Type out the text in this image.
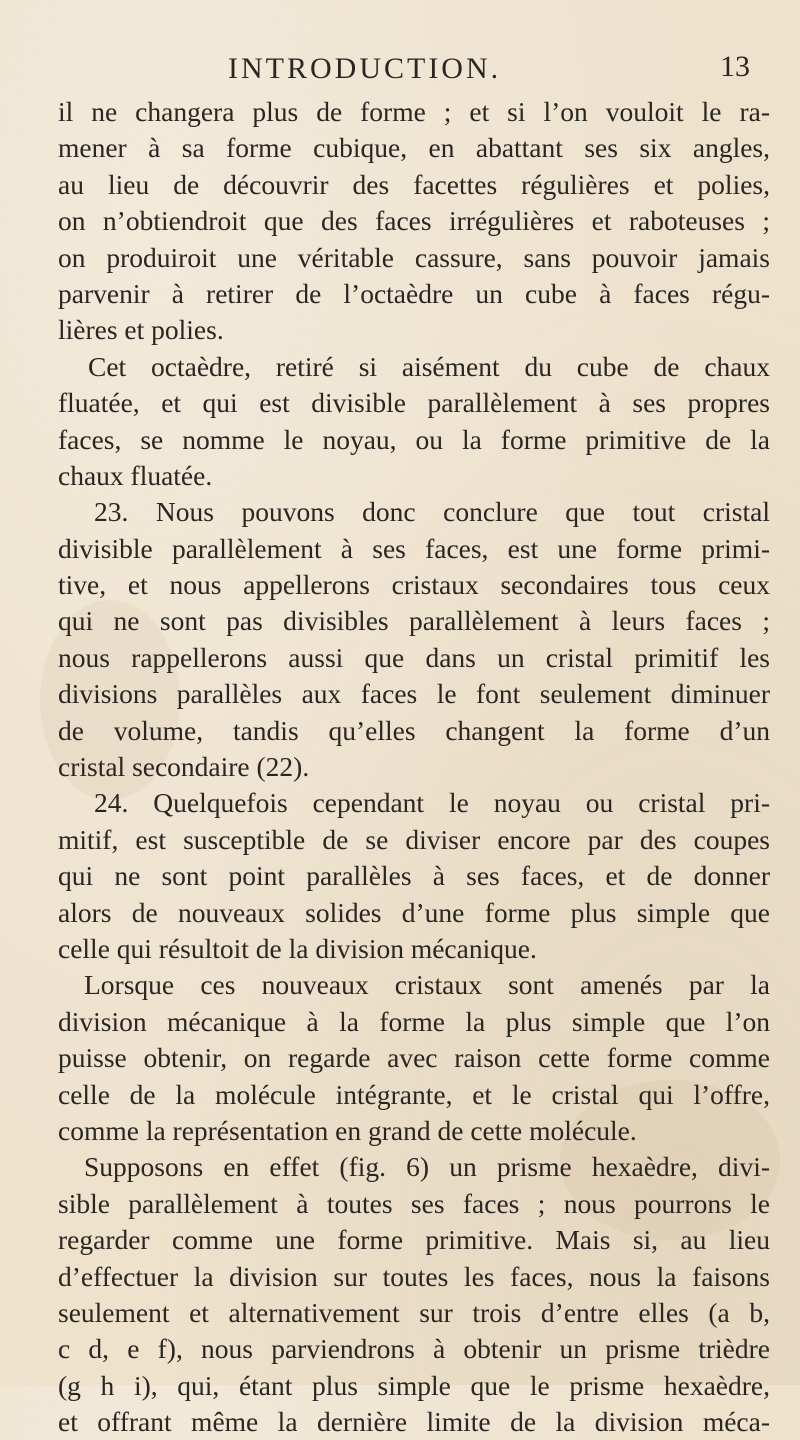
INTRODUCTION.	13
il ne changera plus de forme ; et si l’on vouloit le ra-
mener à sa forme cubique, en abattant ses six angles,
au lieu de découvrir des facettes régulières et polies,
on n’obtiendroit que des faces irrégulières et raboteuses ;
on produiroit une véritable cassure, sans pouvoir jamais
parvenir à retirer de l’octaèdre un cube à faces régu-
lières et polies.
Cet octaèdre, retiré si aisément du cube de chaux
fluatée, et qui est divisible parallèlement à ses propres
faces, se nomme le noyau, ou la forme primitive de la
chaux fluatée.
23. Nous pouvons donc conclure que tout cristal
divisible parallèlement à ses faces, est une forme primi-
tive, et nous appellerons cristaux secondaires tous ceux
qui ne sont pas divisibles parallèlement à leurs faces ;
nous rappellerons aussi que dans un cristal primitif les
divisions parallèles aux faces le font seulement diminuer
de volume, tandis qu’elles changent la forme d’un
cristal secondaire (22).
24. Quelquefois cependant le noyau ou cristal pri-
mitif, est susceptible de se diviser encore par des coupes
qui ne sont point parallèles à ses faces, et de donner
alors de nouveaux solides d’une forme plus simple que
celle qui résultoit de la division mécanique.
Lorsque ces nouveaux cristaux sont amenés par la
division mécanique à la forme la plus simple que l’on
puisse obtenir, on regarde avec raison cette forme comme
celle de la molécule intégrante, et le cristal qui l’offre,
comme la représentation en grand de cette molécule.
Supposons en effet (fig. 6) un prisme hexaèdre, divi-
sible parallèlement à toutes ses faces ; nous pourrons le
regarder comme une forme primitive. Mais si, au lieu
d’effectuer la division sur toutes les faces, nous la faisons
seulement et alternativement sur trois d’entre elles (a b,
c d, e f), nous parviendrons à obtenir un prisme trièdre
(g h i), qui, étant plus simple que le prisme hexaèdre,
et offrant même la dernière limite de la division méca-
